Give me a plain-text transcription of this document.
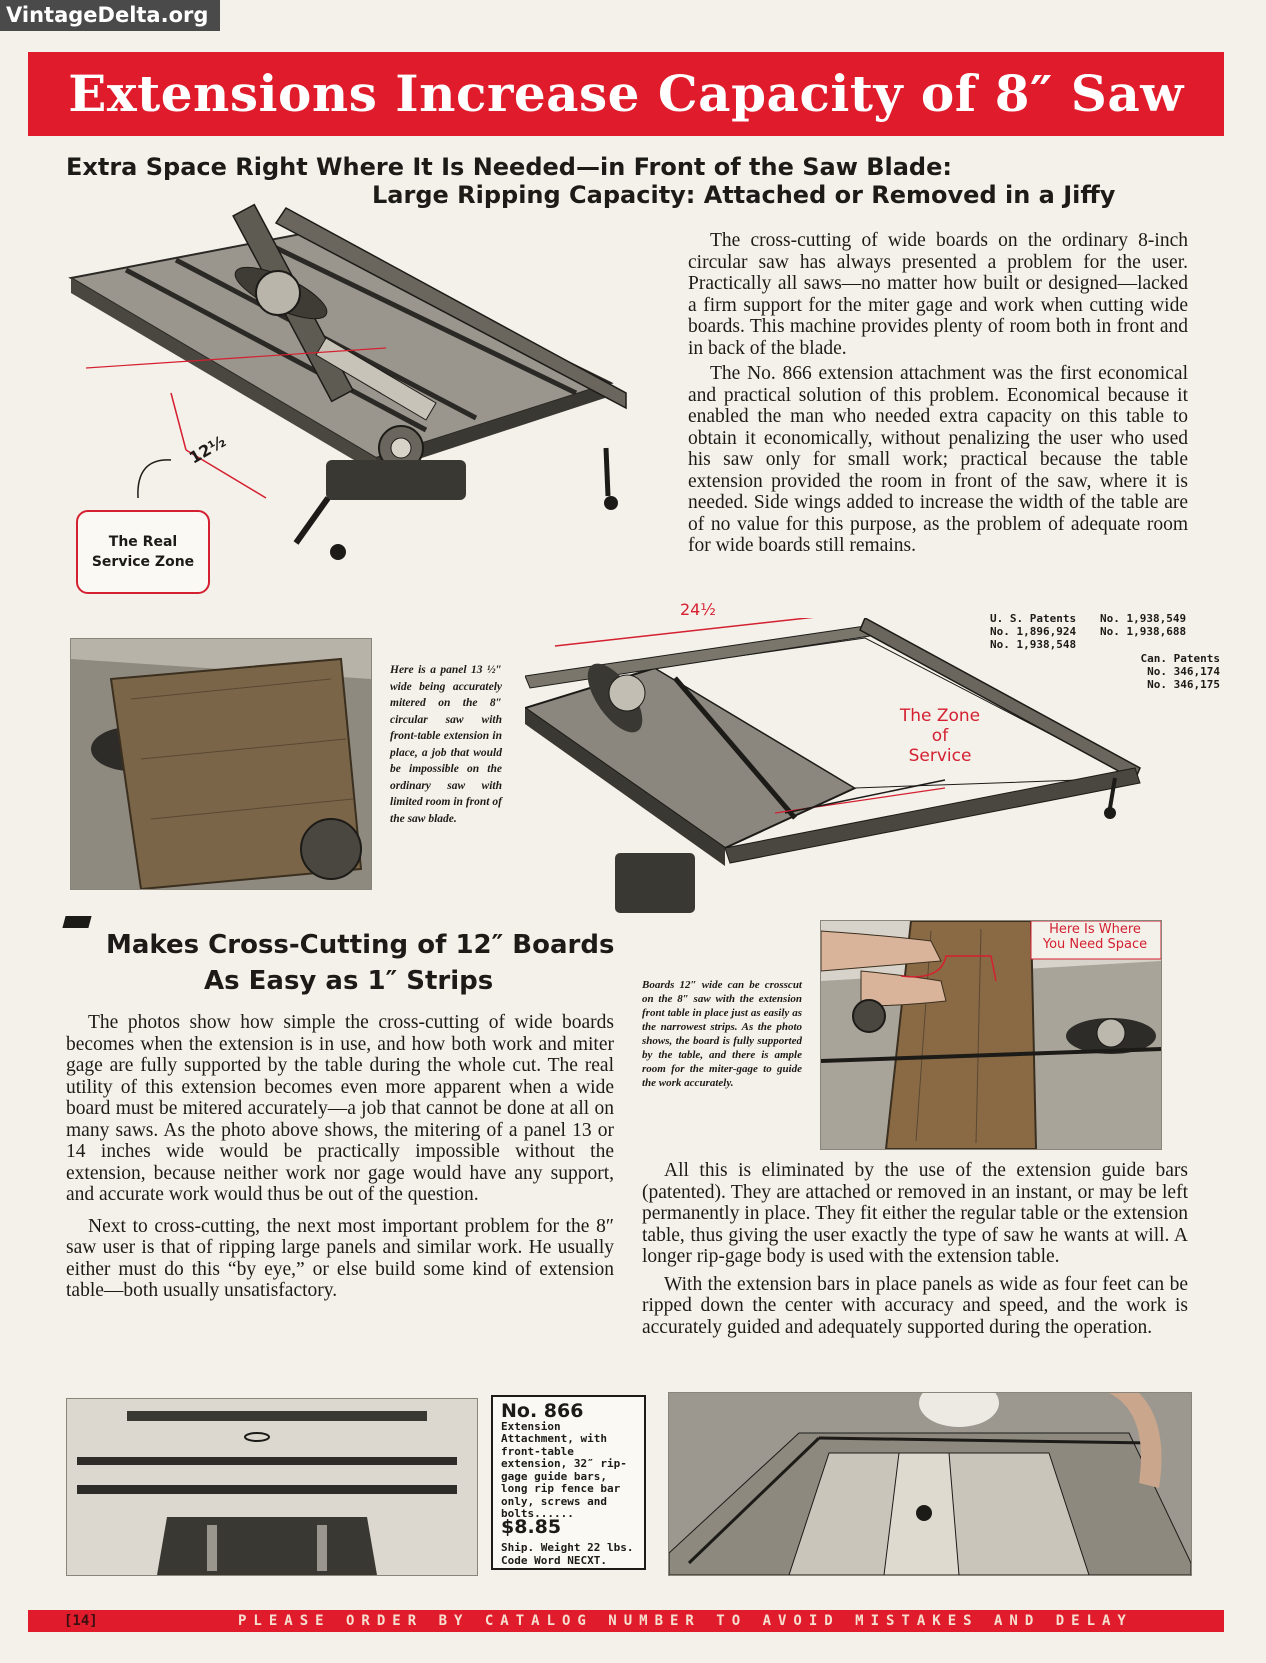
VintageDelta.org
Extensions Increase Capacity of 8″ Saw
Extra Space Right Where It Is Needed—in Front of the Saw Blade:
Large Ripping Capacity: Attached or Removed in a Jiffy
12½
The Real
Service Zone

The cross-cutting of wide boards on the ordinary 8-inch circular saw has always presented a problem for the user. Practically all saws—no matter how built or designed—lacked a firm support for the miter gage and work when cutting wide boards. This machine provides plenty of room both in front and in back of the blade.

The No. 866 extension attachment was the first economical and practical solution of this problem. Economical because it enabled the man who needed extra capacity on this table to obtain it economically, without penalizing the user who used his saw only for small work; practical because the table extension provided the room in front of the saw, where it is needed. Side wings added to increase the width of the table are of no value for this purpose, as the problem of adequate room for wide boards still remains.

U. S. Patents
No. 1,896,924
No. 1,938,548
No. 1,938,549
No. 1,938,688
Can. Patents
No. 346,174
No. 346,175
Here is a panel 13 ½″ wide being accurately mitered on the 8″ circular saw with front-table extension in place, a job that would be impossible on the ordinary saw with limited room in front of the saw blade.
24½
The Zone
of
Service
Makes Cross-Cutting of 12″ Boards
As Easy as 1″ Strips

The photos show how simple the cross-cutting of wide boards becomes when the extension is in use, and how both work and miter gage are fully supported by the table during the whole cut. The real utility of this extension becomes even more apparent when a wide board must be mitered accurately—a job that cannot be done at all on many saws. As the photo above shows, the mitering of a panel 13 or 14 inches wide would be practically impossible without the extension, because neither work nor gage would have any support, and accurate work would thus be out of the question.

Next to cross-cutting, the next most important problem for the 8″ saw user is that of ripping large panels and similar work. He usually either must do this “by eye,” or else build some kind of extension table—both usually unsatisfactory.

Boards 12″ wide can be crosscut on the 8″ saw with the extension front table in place just as easily as the narrowest strips. As the photo shows, the board is fully supported by the table, and there is ample room for the miter-gage to guide the work accurately.
Here Is Where
You Need Space

All this is eliminated by the use of the extension guide bars (patented). They are attached or removed in an instant, or may be left permanently in place. They fit either the regular table or the extension table, thus giving the user exactly the type of saw he wants at will. A longer rip-gage body is used with the extension table.

With the extension bars in place panels as wide as four feet can be ripped down the center with accuracy and speed, and the work is accurately guided and adequately supported during the operation.

No. 866 Extension Attachment, with front-table extension, 32″ rip-gage guide bars, long rip fence bar only, screws and bolts...... $8.85
Ship. Weight 22 lbs.
Code Word NECXT.
[14]	PLEASE ORDER BY CATALOG NUMBER TO AVOID MISTAKES AND DELAY
